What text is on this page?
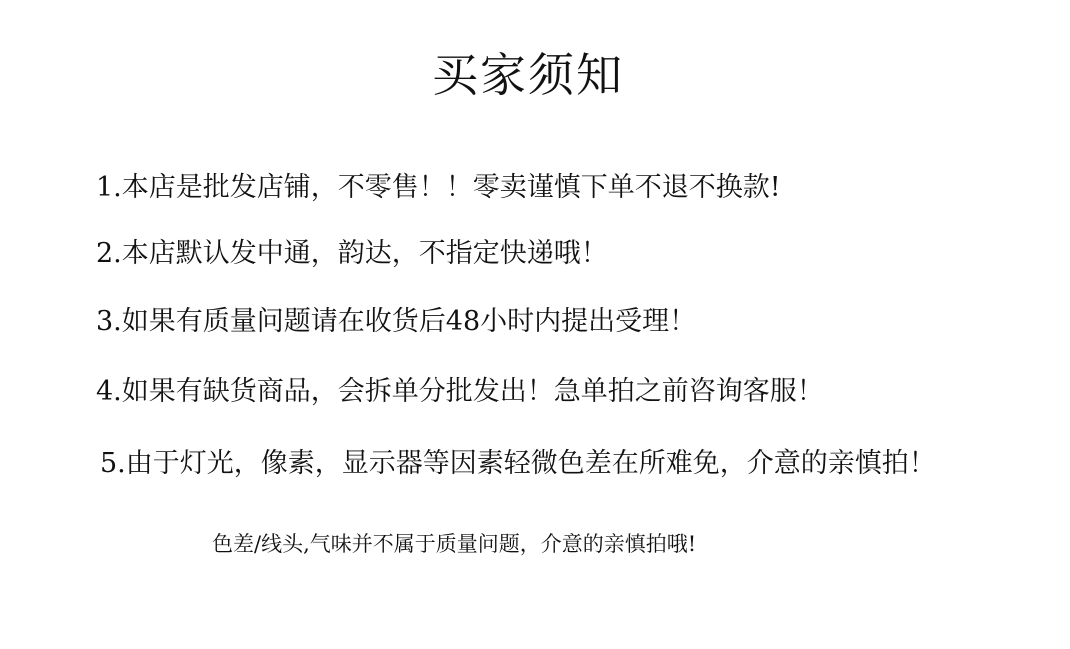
买家须知
1.本店是批发店铺，不零售！！零卖谨慎下单不退不换款!
2.本店默认发中通，韵达，不指定快递哦！
3.如果有质量问题请在收货后48小时内提出受理！
4.如果有缺货商品，会拆单分批发出！急单拍之前咨询客服！
5.由于灯光，像素，显示器等因素轻微色差在所难免，介意的亲慎拍！
色差/线头,气味并不属于质量问题，介意的亲慎拍哦!
